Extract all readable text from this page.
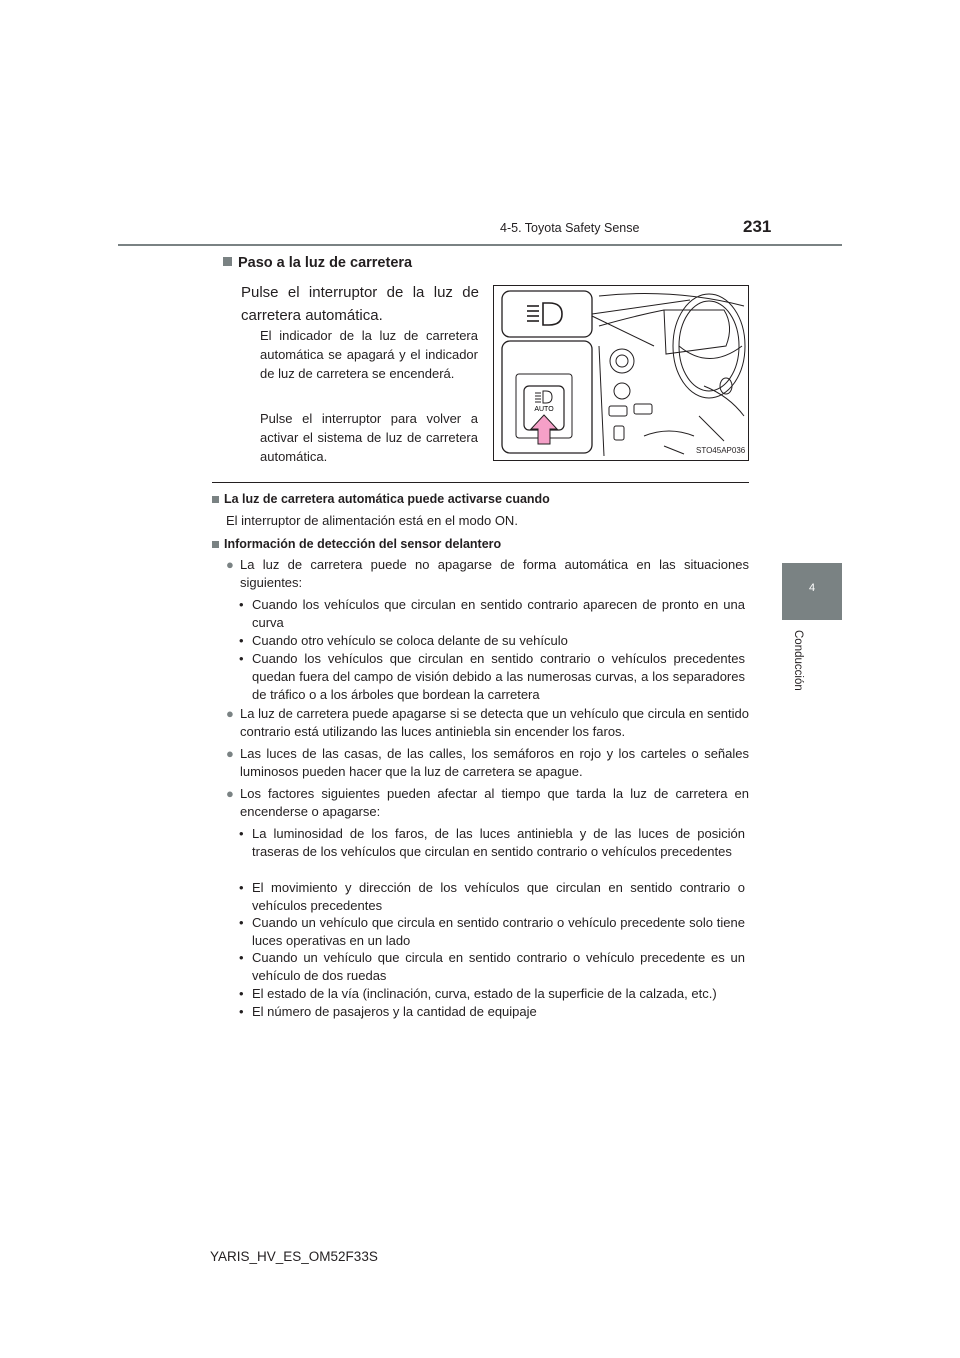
4-5. Toyota Safety Sense	231
4
Conducción
Paso a la luz de carretera
Pulse el interruptor de la luz de carretera automática.
El indicador de la luz de carretera automática se apagará y el indicador de luz de carretera se encenderá.
Pulse el interruptor para volver a activar el sistema de luz de carretera automática.
AUTO
STO45AP036
La luz de carretera automática puede activarse cuando
El interruptor de alimentación está en el modo ON.
Información de detección del sensor delantero
● La luz de carretera puede no apagarse de forma automática en las situaciones siguientes:
• Cuando los vehículos que circulan en sentido contrario aparecen de pronto en una curva
• Cuando otro vehículo se coloca delante de su vehículo
• Cuando los vehículos que circulan en sentido contrario o vehículos precedentes quedan fuera del campo de visión debido a las numerosas curvas, a los separadores de tráfico o a los árboles que bordean la carretera
● La luz de carretera puede apagarse si se detecta que un vehículo que circula en sentido contrario está utilizando las luces antiniebla sin encender los faros.
● Las luces de las casas, de las calles, los semáforos en rojo y los carteles o señales luminosos pueden hacer que la luz de carretera se apague.
● Los factores siguientes pueden afectar al tiempo que tarda la luz de carretera en encenderse o apagarse:
• La luminosidad de los faros, de las luces antiniebla y de las luces de posición traseras de los vehículos que circulan en sentido contrario o vehículos precedentes
• El movimiento y dirección de los vehículos que circulan en sentido contrario o vehículos precedentes
• Cuando un vehículo que circula en sentido contrario o vehículo precedente solo tiene luces operativas en un lado
• Cuando un vehículo que circula en sentido contrario o vehículo precedente es un vehículo de dos ruedas
• El estado de la vía (inclinación, curva, estado de la superficie de la calzada, etc.)
• El número de pasajeros y la cantidad de equipaje
YARIS_HV_ES_OM52F33S
